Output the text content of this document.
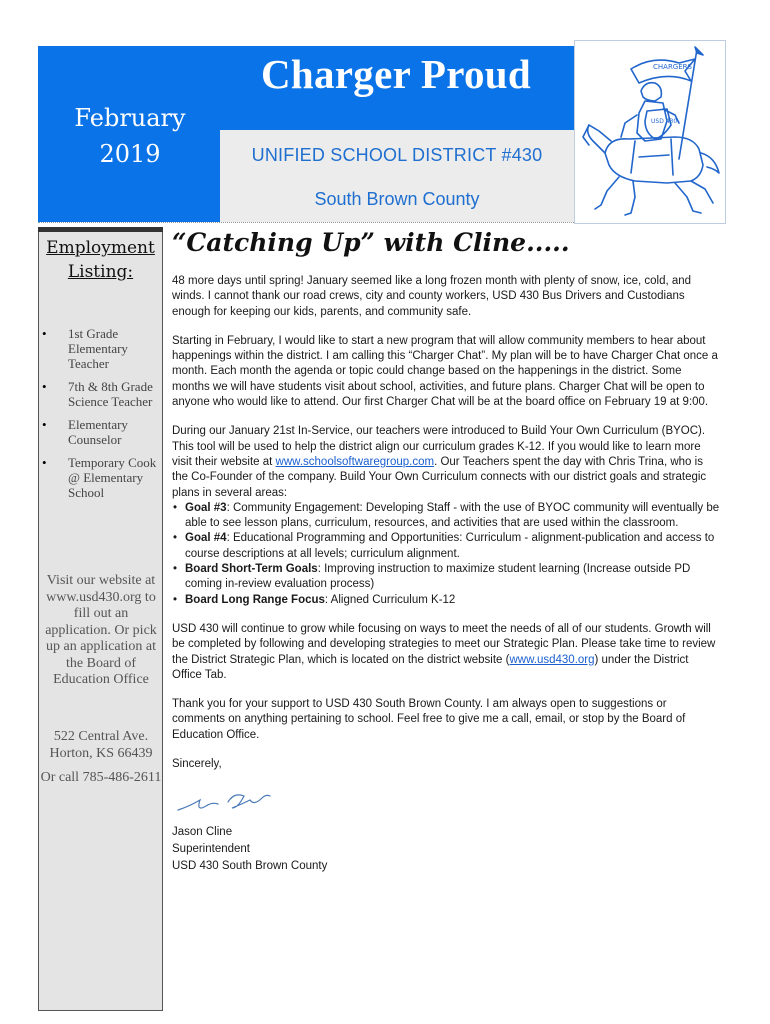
Charger Proud
February
2019	UNIFIED SCHOOL DISTRICT #430
South Brown County
CHARGERS
USD 430
Employment
Listing:
• 1st Grade Elementary Teacher
• 7th & 8th Grade Science Teacher
• Elementary Counselor
• Temporary Cook @ Elementary School
Visit our website at www.usd430.org to fill out an application. Or pick up an application at the Board of Education Office
522 Central Ave. Horton, KS 66439
Or call 785-486-2611
“Catching Up” with Cline.....

48 more days until spring! January seemed like a long frozen month with plenty of snow, ice, cold, and winds. I cannot thank our road crews, city and county workers, USD 430 Bus Drivers and Custodians enough for keeping our kids, parents, and community safe.

Starting in February, I would like to start a new program that will allow community members to hear about happenings within the district. I am calling this “Charger Chat”. My plan will be to have Charger Chat once a month. Each month the agenda or topic could change based on the happenings in the district. Some months we will have students visit about school, activities, and future plans. Charger Chat will be open to anyone who would like to attend. Our first Charger Chat will be at the board office on February 19 at 9:00.

During our January 21st In-Service, our teachers were introduced to Build Your Own Curriculum (BYOC). This tool will be used to help the district align our curriculum grades K-12. If you would like to learn more visit their website at www.schoolsoftwaregroup.com. Our Teachers spent the day with Chris Trina, who is the Co-Founder of the company. Build Your Own Curriculum connects with our district goals and strategic plans in several areas:

• Goal #3: Community Engagement: Developing Staff - with the use of BYOC community will eventually be able to see lesson plans, curriculum, resources, and activities that are used within the classroom.
• Goal #4: Educational Programming and Opportunities: Curriculum - alignment-publication and access to course descriptions at all levels; curriculum alignment.
• Board Short-Term Goals: Improving instruction to maximize student learning (Increase outside PD coming in-review evaluation process)
• Board Long Range Focus: Aligned Curriculum K-12

USD 430 will continue to grow while focusing on ways to meet the needs of all of our students. Growth will be completed by following and developing strategies to meet our Strategic Plan. Please take time to review the District Strategic Plan, which is located on the district website (www.usd430.org) under the District Office Tab.

Thank you for your support to USD 430 South Brown County. I am always open to suggestions or comments on anything pertaining to school. Feel free to give me a call, email, or stop by the Board of Education Office.

Sincerely,

Jason Cline
Superintendent
USD 430 South Brown County
